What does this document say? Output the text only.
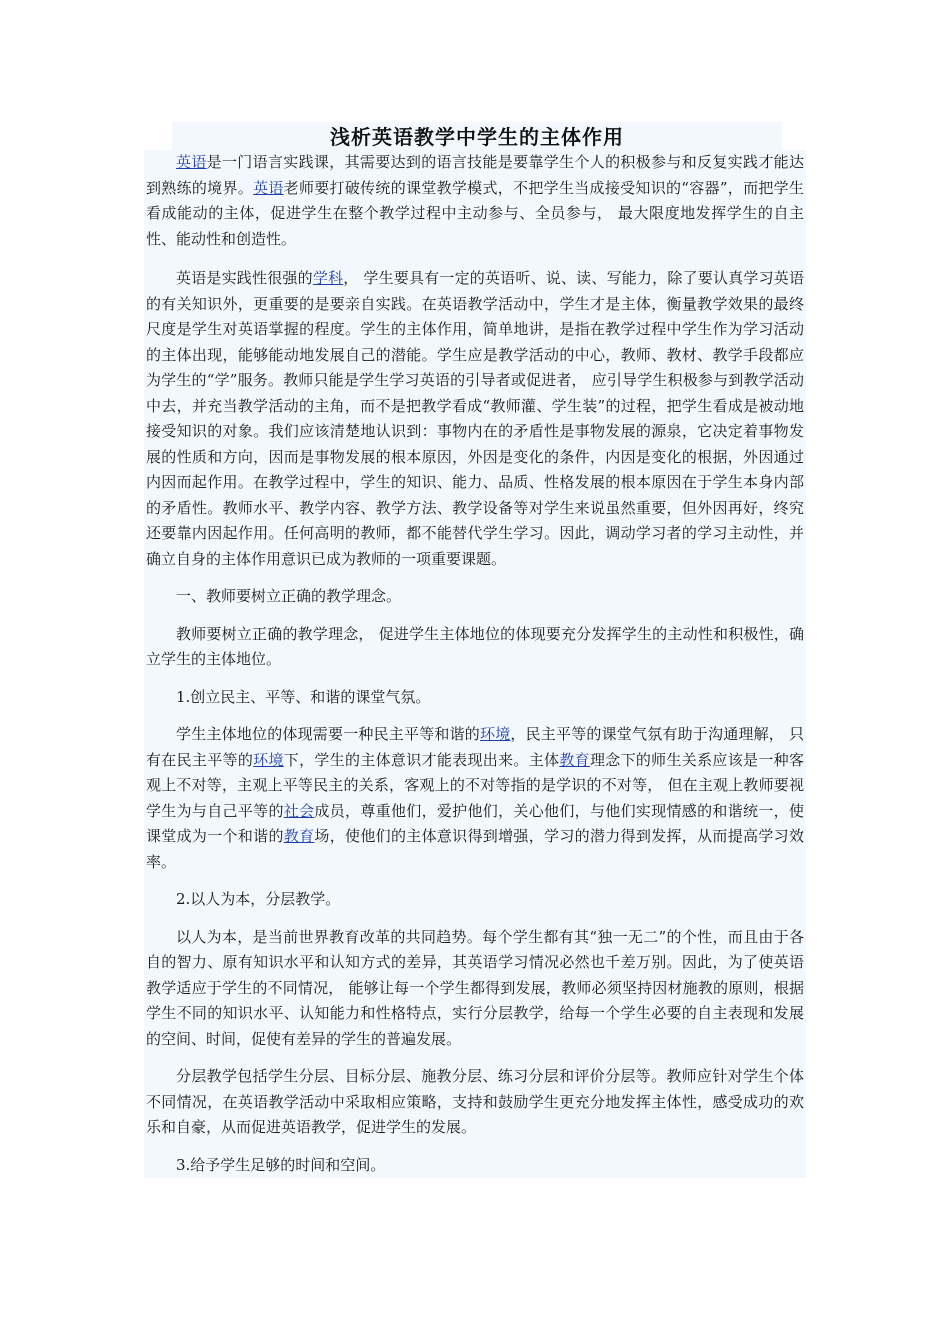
浅析英语教学中学生的主体作用

英语是一门语言实践课，其需要达到的语言技能是要靠学生个人的积极参与和反复实践才能达到熟练的境界。英语老师要打破传统的课堂教学模式，不把学生当成接受知识的“容器”，而把学生看成能动的主体，促进学生在整个教学过程中主动参与、全员参与， 最大限度地发挥学生的自主性、能动性和创造性。

英语是实践性很强的学科， 学生要具有一定的英语听、说、读、写能力，除了要认真学习英语的有关知识外，更重要的是要亲自实践。在英语教学活动中，学生才是主体，衡量教学效果的最终尺度是学生对英语掌握的程度。学生的主体作用，简单地讲，是指在教学过程中学生作为学习活动的主体出现，能够能动地发展自己的潜能。学生应是教学活动的中心，教师、教材、教学手段都应为学生的“学”服务。教师只能是学生学习英语的引导者或促进者， 应引导学生积极参与到教学活动中去，并充当教学活动的主角，而不是把教学看成“教师灌、学生装”的过程，把学生看成是被动地接受知识的对象。我们应该清楚地认识到：事物内在的矛盾性是事物发展的源泉，它决定着事物发展的性质和方向，因而是事物发展的根本原因，外因是变化的条件，内因是变化的根据，外因通过内因而起作用。在教学过程中，学生的知识、能力、品质、性格发展的根本原因在于学生本身内部的矛盾性。教师水平、教学内容、教学方法、教学设备等对学生来说虽然重要，但外因再好，终究还要靠内因起作用。任何高明的教师，都不能替代学生学习。因此，调动学习者的学习主动性，并确立自身的主体作用意识已成为教师的一项重要课题。

一、教师要树立正确的教学理念。

教师要树立正确的教学理念， 促进学生主体地位的体现要充分发挥学生的主动性和积极性，确立学生的主体地位。

1.创立民主、平等、和谐的课堂气氛。

学生主体地位的体现需要一种民主平等和谐的环境，民主平等的课堂气氛有助于沟通理解， 只有在民主平等的环境下，学生的主体意识才能表现出来。主体教育理念下的师生关系应该是一种客观上不对等，主观上平等民主的关系，客观上的不对等指的是学识的不对等， 但在主观上教师要视学生为与自己平等的社会成员，尊重他们，爱护他们，关心他们，与他们实现情感的和谐统一，使课堂成为一个和谐的教育场，使他们的主体意识得到增强，学习的潜力得到发挥，从而提高学习效率。

2.以人为本，分层教学。

以人为本，是当前世界教育改革的共同趋势。每个学生都有其“独一无二”的个性，而且由于各自的智力、原有知识水平和认知方式的差异，其英语学习情况必然也千差万别。因此，为了使英语教学适应于学生的不同情况， 能够让每一个学生都得到发展，教师必须坚持因材施教的原则，根据学生不同的知识水平、认知能力和性格特点，实行分层教学，给每一个学生必要的自主表现和发展的空间、时间，促使有差异的学生的普遍发展。

分层教学包括学生分层、目标分层、施教分层、练习分层和评价分层等。教师应针对学生个体不同情况，在英语教学活动中采取相应策略，支持和鼓励学生更充分地发挥主体性，感受成功的欢乐和自豪，从而促进英语教学，促进学生的发展。

3.给予学生足够的时间和空间。
